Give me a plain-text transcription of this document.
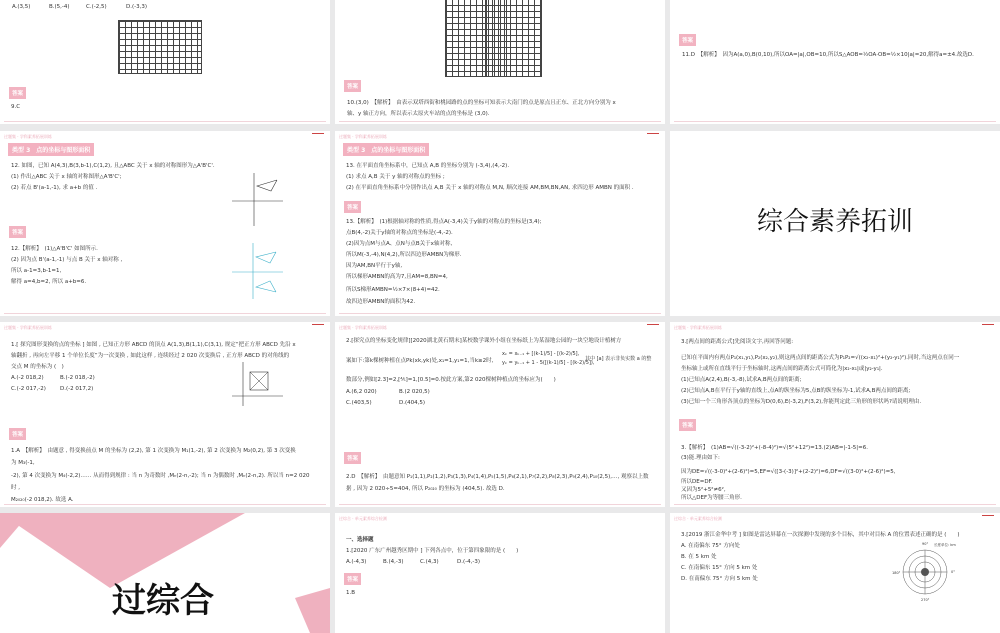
A.(3,5)	B.(5,-4)	C.(-2,5)	D.(-3,3)
答案
9.C
答案
10.(3,0)　【解析】　由表示双塔西街和桃园路的点的坐标可知表示大南门的点是原点且正东、正北方向分别为 x
轴、y 轴正方向，所以表示太原火车站的点的坐标是 (3,0).
答案
11.D　【解析】　因为A(a,0),B(0,10),所以OA=|a|,OB=10,所以S△AOB=½OA·OB=½×10|a|=20,解得a=±4.故选D.
过题集 · 学科素养拓展训练
类型 3　点的坐标与图形面积
12. 如图，已知 A(4,3),B(3,b-1),C(1,2), 且△ABC 关于 x 轴的对称图形为△A'B'C'.
(1) 作出△ABC 关于 x 轴的对称图形△A'B'C';
(2) 若点 B'(a-1,-1), 求 a+b 的值 .
答案
12.【解析】　(1)△A'B'C' 如图所示.
(2) 因为点 B'(a-1,-1) 与点 B 关于 x 轴对称 ,
所以 a-1=3,b-1=1,
解得 a=4,b=2, 所以 a+b=6.
过题集 · 学科素养拓展训练
类型 3　点的坐标与图形面积
13. 在平面直角坐标系中，已知点 A,B 的坐标分别为 (-3,4),(4,-2).
(1) 求点 A,B 关于 y 轴的对称点的坐标 ;
(2) 在平面直角坐标系中分别作出点 A,B 关于 x 轴的对称点 M,N, 顺次连接 AM,BM,BN,AN, 求四边形 AMBN 的面积 .
答案
13.【解析】　(1)根据轴对称的性质,得点A(-3,4)关于y轴的对称点的坐标是(3,4);
点B(4,-2)关于y轴的对称点的坐标是(-4,-2).
(2)因为点M与点A、点N与点B关于x轴对称,
所以M(-3,-4),N(4,2),所以四边形AMBN为梯形.
因为AM,BN平行于y轴,
所以梯形AMBN的高为7,且AM=8,BN=4,
所以S梯形AMBN=½×7×(8+4)=42.
故四边形AMBN的面积为42.
综合素养拓训
过题集 · 学科素养拓展训练
1.[ 探究图形变换的点的坐标 ] 如图 , 已知正方形 ABCD 的顶点 A(1,3),B(1,1),C(3,1), 规定“把正方形 ABCD 先沿 x
轴翻折 , 再向左平移 1 个单位长度”为一次变换 , 如此这样 , 连续经过 2 020 次变换后 , 正方形 ABCD 的对角线的
交点 M 的坐标为 (　)
A.(-2 018,2)	B.(-2 018,-2)
C.(-2 017,-2)	D.(-2 017,2)
答案
1.A　【解析】　由题意 , 得变换前点 M 的坐标为 (2,2), 第 1 次变换为 M₁(1,-2), 第 2 次变换为 M₂(0,2), 第 3 次变换
为 M₃(-1,
-2), 第 4 次变换为 M₄(-2,2)…… 从而得到规律 : 当 n 为奇数时 ,Mₙ(2-n,-2); 当 n 为偶数时 ,Mₙ(2-n,2). 所以当 n=2 020
时 ,
M₂₀₂₀(-2 018,2). 故选 A.
过题集 · 学科素养拓展训练
2.[探究点的坐标变化规律][2020湖北黄石期末]某校数学课外小组在坐标纸上为某湿地公园的一块空地设计植树方
案如下:第k棵树种植在点Pk(xk,yk)处,x₁=1,y₁=1,当k≥2时,
xₖ = xₖ₋₁ + [(k-1)/5] - [(k-2)/5],
yₖ = yₖ₋₁ + 1 - 5([(k-1)/5] - [(k-2)/5]),
其中 [a] 表示非负实数 a 的整
数部分,例如[2.3]=2,[⅘]=1,[0.5]=0.按此方案,第2 020棵树种植点的坐标应为(　　)
A.(6,2 020)	B.(2 020,5)
C.(403,5)	D.(404,5)
答案
2.D　【解析】　由题意知 P₁(1,1),P₂(1,2),P₃(1,3),P₄(1,4),P₅(1,5),P₆(2,1),P₇(2,2),P₈(2,3),P₉(2,4),P₁₀(2,5),…, 观察以上数
据 , 因为 2 020÷5=404, 所以 P₂₀₂₀ 的坐标为 (404,5). 故选 D.
过题集 · 学科素养拓展训练
3.[两点间的距离公式]先阅读文字,再回答问题:
已知在平面内有两点P₁(x₁,y₁),P₂(x₂,y₂),则这两点间的距离公式为P₁P₂=√((x₂-x₁)²+(y₂-y₁)²).同时,当这两点在同一
坐标轴上或所在直线平行于坐标轴时,这两点间的距离公式可简化为|x₂-x₁|或|y₂-y₁|.
(1)已知点A(2,4),B(-3,-8),试求A,B两点间的距离;
(2)已知点A,B在平行于y轴的直线上,点A的纵坐标为5,点B的纵坐标为-1,试求A,B两点间的距离;
(3)已知一个三角形各顶点的坐标为D(0,6),E(-3,2),F(3,2),你能判定此三角形的形状吗?请说明理由.
答案
3.【解析】　(1)AB=√((-3-2)²+(-8-4)²)=√(5²+12²)=13.(2)AB=|-1-5|=6.
(3)能.理由如下:
因为DE=√((-3-0)²+(2-6)²)=5,EF=√([3-(-3)]²+(2-2)²)=6,DF=√((3-0)²+(2-6)²)=5,
所以DE=DF.
又因为5²+5²≠6²,
所以△DEF为等腰三角形.
过综合
过综合 · 单元素养综合检测
一、选择题
1.[2020 广东广州越秀区期中 ] 下列各点中，位于第四象限的是 (　　)
A.(-4,3)	B.(4,-3)	C.(4,3)	D.(-4,-3)
答案
1.B
过综合 · 单元素养综合检测
3.[2019 浙江金华中考 ] 如图是雷达屏幕在一次探测中发现的多个目标，其中对目标 A 的位置表述正确的是 (　　)
A. 在南偏东 75° 方向处
B. 在 5 km 处
C. 在南偏东 15° 方向 5 km 处
D. 在南偏东 75° 方向 5 km 处
90° 长度单位: km
180°	0°
270°
